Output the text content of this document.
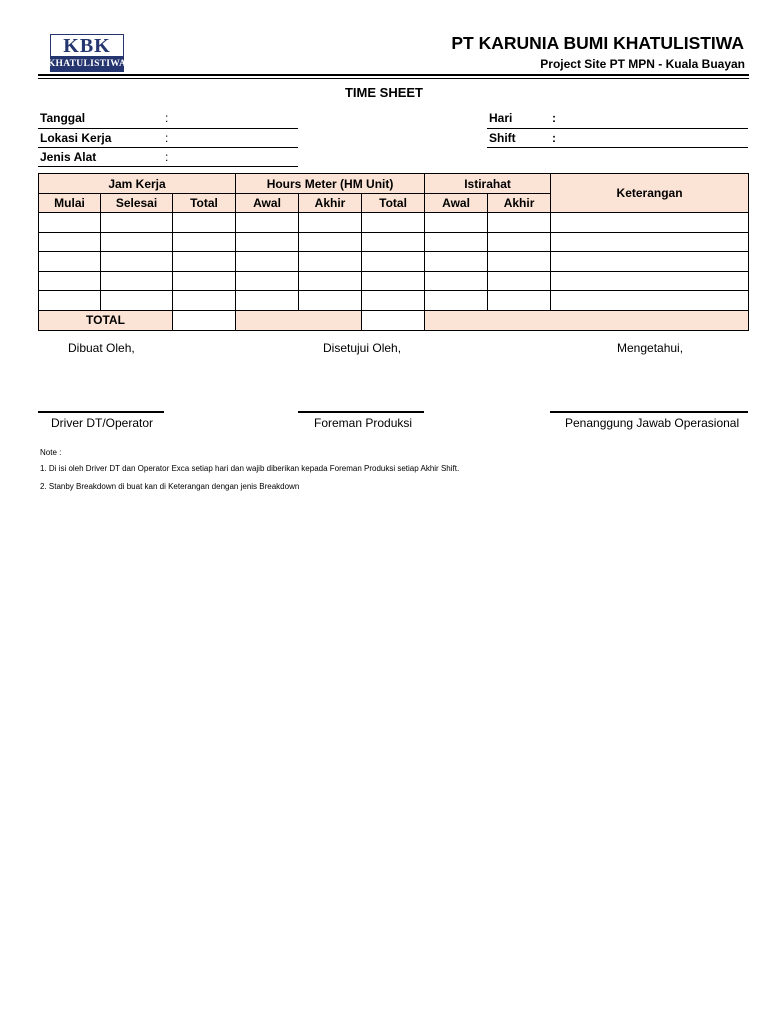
KBK
KHATULISTIWA
PT KARUNIA BUMI KHATULISTIWA
Project Site PT MPN - Kuala Buayan
TIME SHEET
Tanggal	:
Lokasi Kerja	:
Jenis Alat	:
Hari	:
Shift	:
Jam Kerja			Hours Meter (HM Unit)			Istirahat		Keterangan
Mulai	Selesai	Total	Awal	Akhir	Total	Awal	Akhir	

TOTAL								
Dibuat Oleh,	Disetujui Oleh,	Mengetahui,
Driver DT/Operator	Foreman Produksi	Penanggung Jawab Operasional
Note :
1. Di isi oleh Driver DT dan Operator Exca setiap hari dan wajib diberikan kepada Foreman Produksi setiap Akhir Shift.
2. Stanby Breakdown di buat kan di Keterangan dengan jenis Breakdown
